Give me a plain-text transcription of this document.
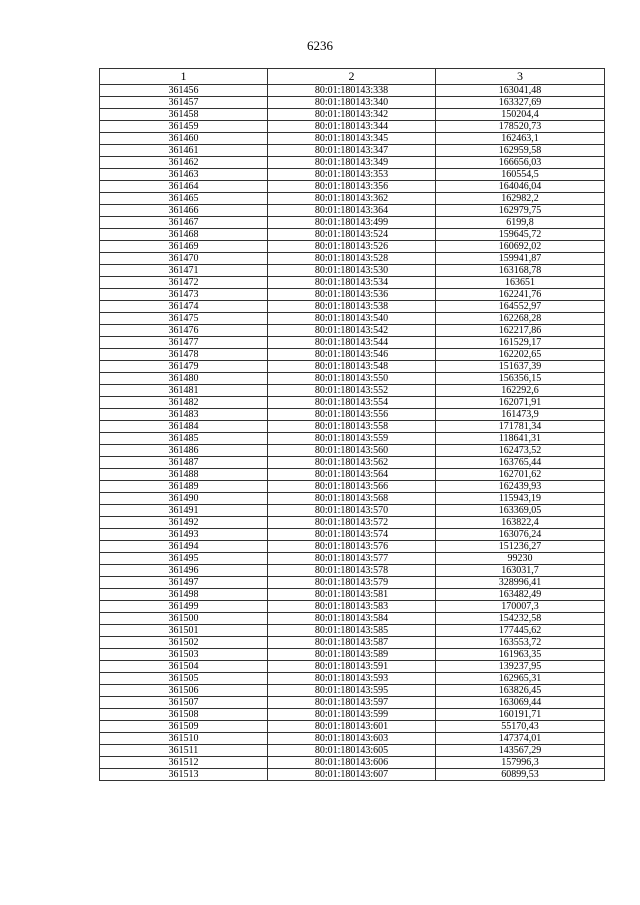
6236
1	2	3
361456	80:01:180143:338	163041,48
361457	80:01:180143:340	163327,69
361458	80:01:180143:342	150204,4
361459	80:01:180143:344	178520,73
361460	80:01:180143:345	162463,1
361461	80:01:180143:347	162959,58
361462	80:01:180143:349	166656,03
361463	80:01:180143:353	160554,5
361464	80:01:180143:356	164046,04
361465	80:01:180143:362	162982,2
361466	80:01:180143:364	162979,75
361467	80:01:180143:499	6199,8
361468	80:01:180143:524	159645,72
361469	80:01:180143:526	160692,02
361470	80:01:180143:528	159941,87
361471	80:01:180143:530	163168,78
361472	80:01:180143:534	163651
361473	80:01:180143:536	162241,76
361474	80:01:180143:538	164552,97
361475	80:01:180143:540	162268,28
361476	80:01:180143:542	162217,86
361477	80:01:180143:544	161529,17
361478	80:01:180143:546	162202,65
361479	80:01:180143:548	151637,39
361480	80:01:180143:550	156356,15
361481	80:01:180143:552	162292,6
361482	80:01:180143:554	162071,91
361483	80:01:180143:556	161473,9
361484	80:01:180143:558	171781,34
361485	80:01:180143:559	118641,31
361486	80:01:180143:560	162473,52
361487	80:01:180143:562	163765,44
361488	80:01:180143:564	162701,62
361489	80:01:180143:566	162439,93
361490	80:01:180143:568	115943,19
361491	80:01:180143:570	163369,05
361492	80:01:180143:572	163822,4
361493	80:01:180143:574	163076,24
361494	80:01:180143:576	151236,27
361495	80:01:180143:577	99230
361496	80:01:180143:578	163031,7
361497	80:01:180143:579	328996,41
361498	80:01:180143:581	163482,49
361499	80:01:180143:583	170007,3
361500	80:01:180143:584	154232,58
361501	80:01:180143:585	177445,62
361502	80:01:180143:587	163553,72
361503	80:01:180143:589	161963,35
361504	80:01:180143:591	139237,95
361505	80:01:180143:593	162965,31
361506	80:01:180143:595	163826,45
361507	80:01:180143:597	163069,44
361508	80:01:180143:599	160191,71
361509	80:01:180143:601	55170,43
361510	80:01:180143:603	147374,01
361511	80:01:180143:605	143567,29
361512	80:01:180143:606	157996,3
361513	80:01:180143:607	60899,53
